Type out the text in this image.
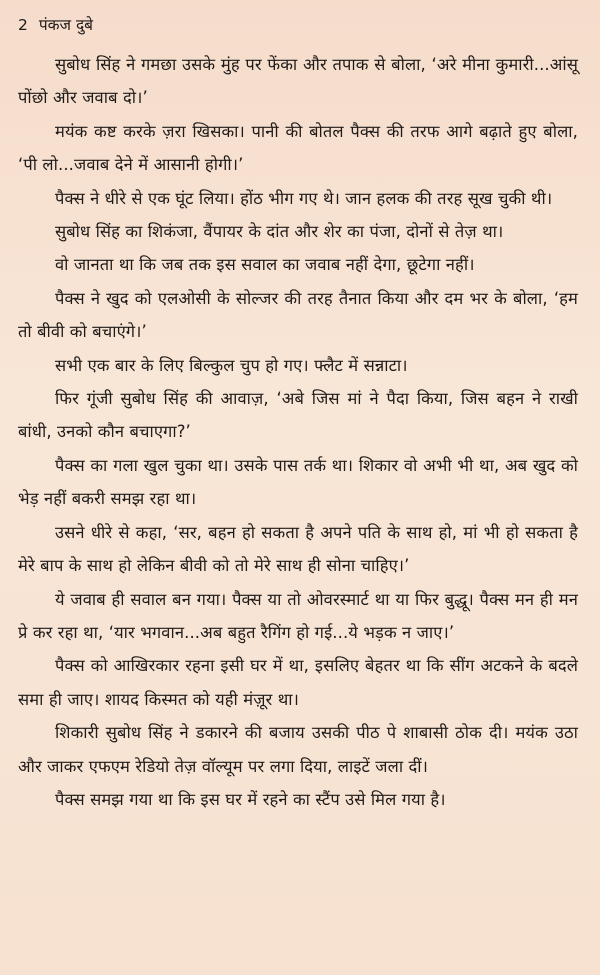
2 पंकज दुबे

सुबोध सिंह ने गमछा उसके मुंह पर फेंका और तपाक से बोला, ‘अरे मीना कुमारी...आंसू पोंछो और जवाब दो।’

मयंक कष्ट करके ज़रा खिसका। पानी की बोतल पैक्स की तरफ आगे बढ़ाते हुए बोला, ‘पी लो...जवाब देने में आसानी होगी।’

पैक्स ने धीरे से एक घूंट लिया। होंठ भीग गए थे। जान हलक की तरह सूख चुकी थी।

सुबोध सिंह का शिकंजा, वैंपायर के दांत और शेर का पंजा, दोनों से तेज़ था।

वो जानता था कि जब तक इस सवाल का जवाब नहीं देगा, छूटेगा नहीं।

पैक्स ने खुद को एलओसी के सोल्जर की तरह तैनात किया और दम भर के बोला, ‘हम तो बीवी को बचाएंगे।’

सभी एक बार के लिए बिल्कुल चुप हो गए। फ्लैट में सन्नाटा।

फिर गूंजी सुबोध सिंह की आवाज़, ‘अबे जिस मां ने पैदा किया, जिस बहन ने राखी बांधी, उनको कौन बचाएगा?’

पैक्स का गला खुल चुका था। उसके पास तर्क था। शिकार वो अभी भी था, अब खुद को भेड़ नहीं बकरी समझ रहा था।

उसने धीरे से कहा, ‘सर, बहन हो सकता है अपने पति के साथ हो, मां भी हो सकता है मेरे बाप के साथ हो लेकिन बीवी को तो मेरे साथ ही सोना चाहिए।’

ये जवाब ही सवाल बन गया। पैक्स या तो ओवरस्मार्ट था या फिर बुद्धू। पैक्स मन ही मन प्रे कर रहा था, ‘यार भगवान...अब बहुत रैगिंग हो गई...ये भड़क न जाए।’

पैक्स को आखिरकार रहना इसी घर में था, इसलिए बेहतर था कि सींग अटकने के बदले समा ही जाए। शायद किस्मत को यही मंज़ूर था।

शिकारी सुबोध सिंह ने डकारने की बजाय उसकी पीठ पे शाबासी ठोक दी। मयंक उठा और जाकर एफएम रेडियो तेज़ वॉल्यूम पर लगा दिया, लाइटें जला दीं।

पैक्स समझ गया था कि इस घर में रहने का स्टैंप उसे मिल गया है।
